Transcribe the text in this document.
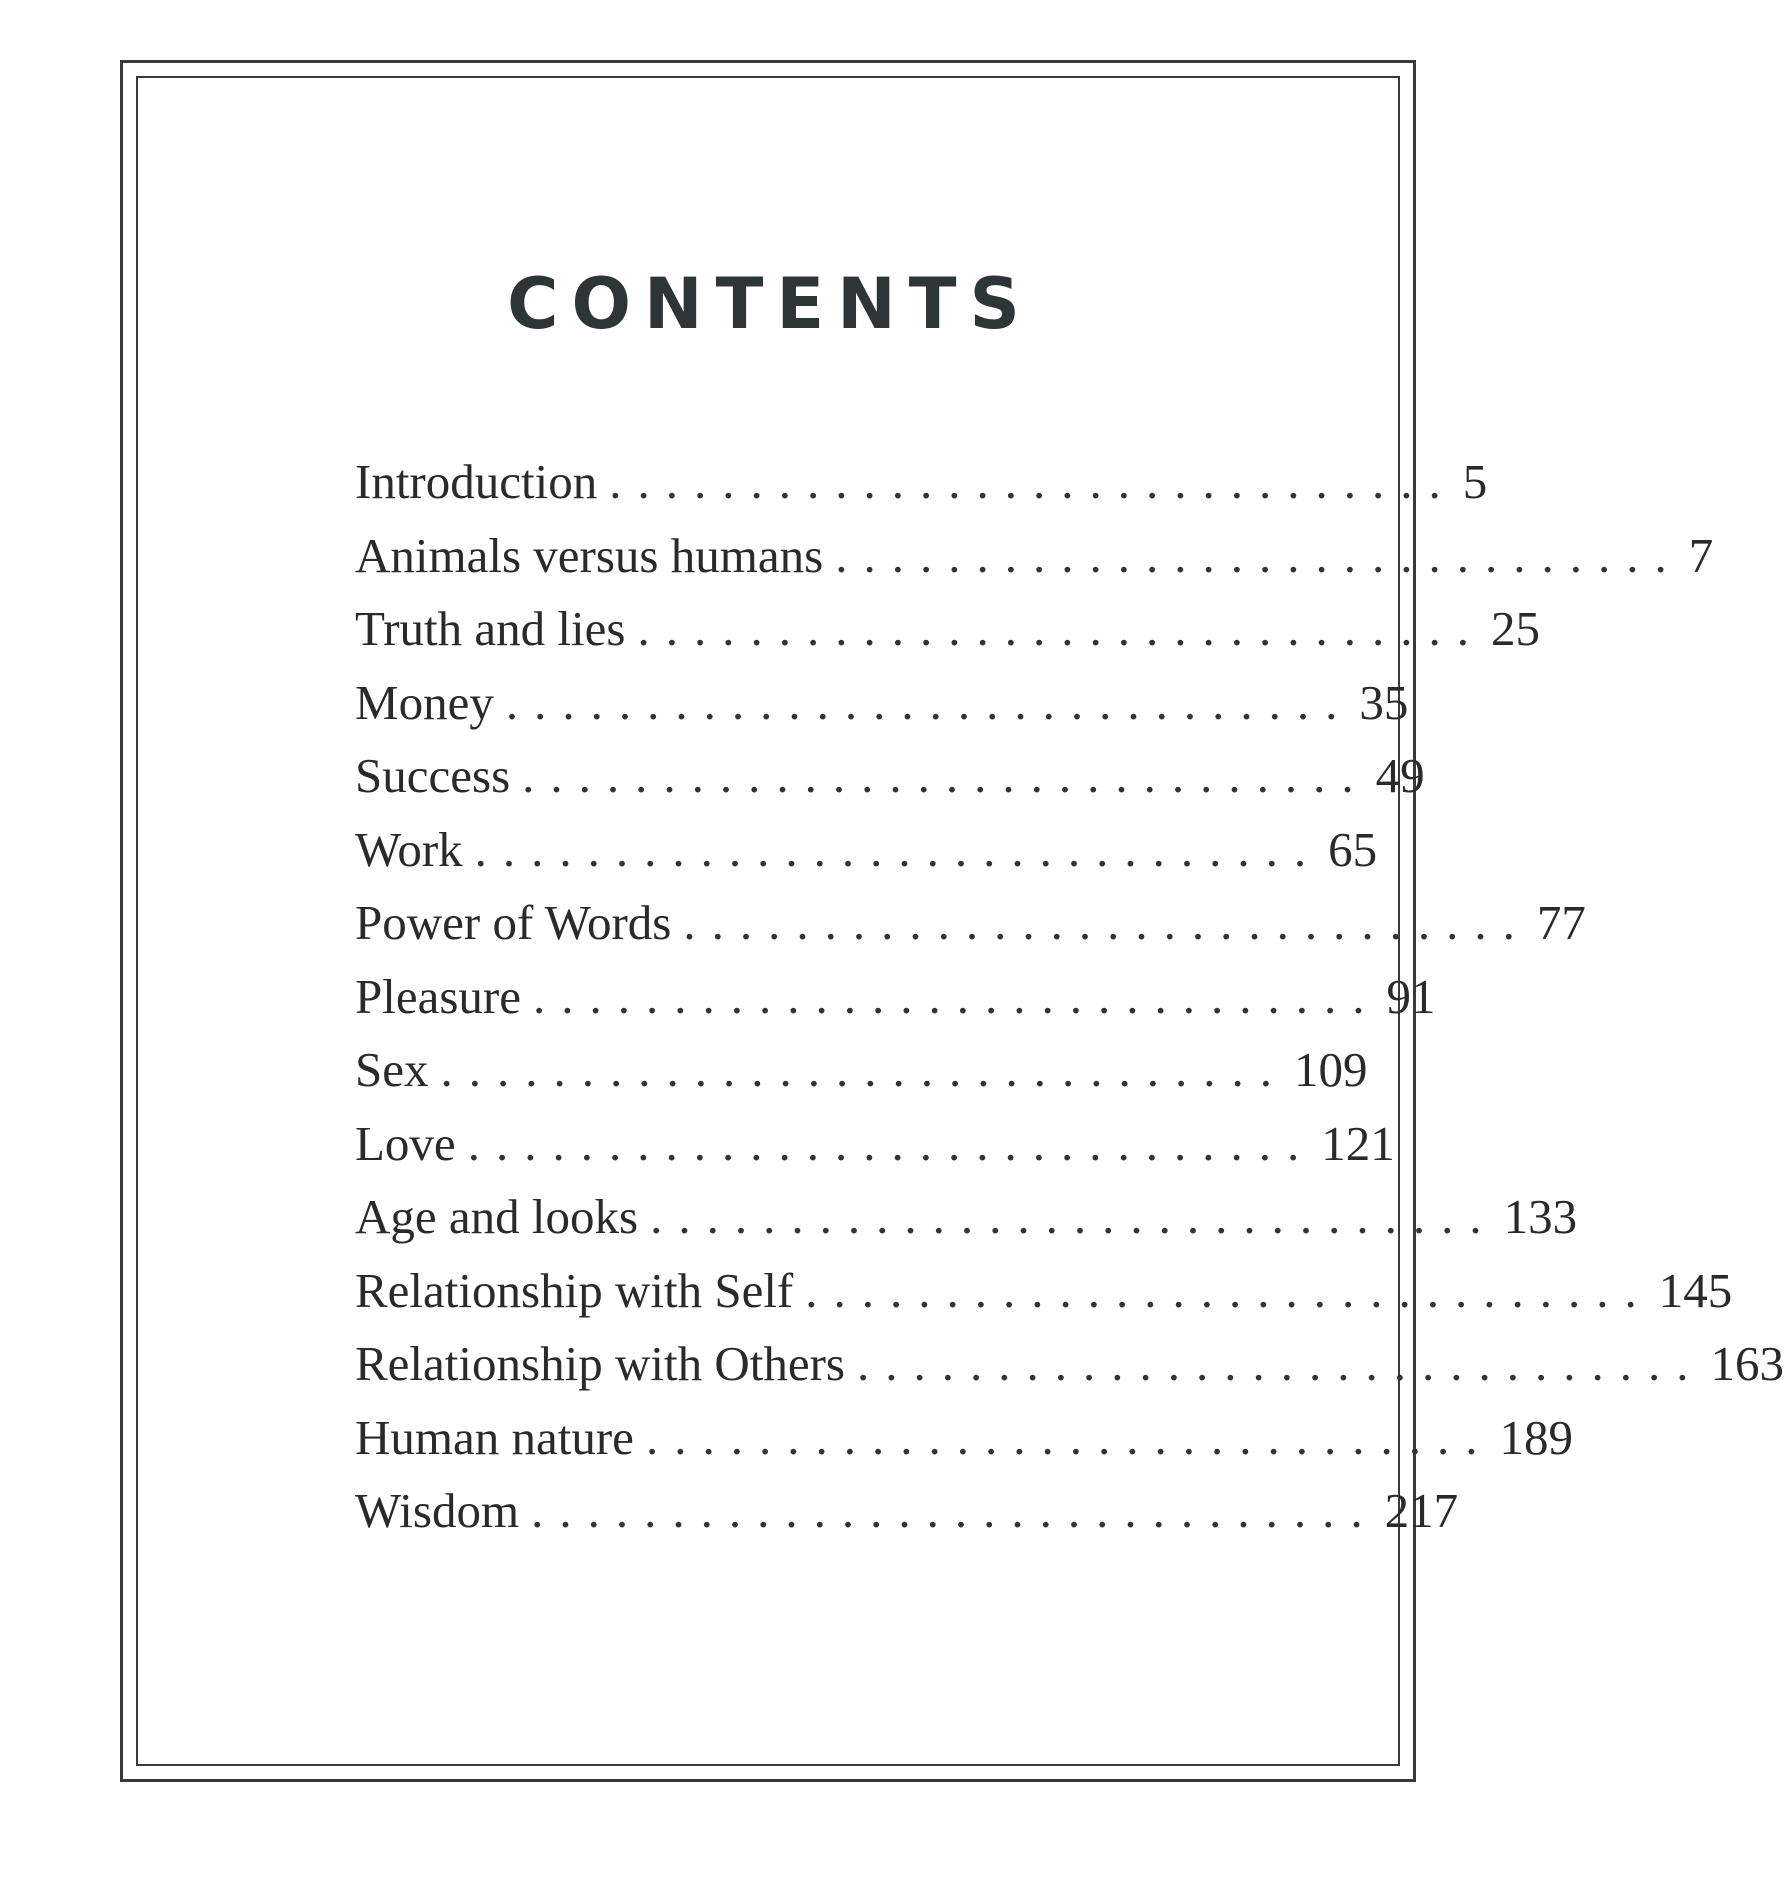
CONTENTS
Introduction .............................. 5
Animals versus humans .............................. 7
Truth and lies .............................. 25
Money .............................. 35
Success .............................. 49
Work .............................. 65
Power of Words .............................. 77
Pleasure .............................. 91
Sex .............................. 109
Love .............................. 121
Age and looks .............................. 133
Relationship with Self .............................. 145
Relationship with Others .............................. 163
Human nature .............................. 189
Wisdom .............................. 217
